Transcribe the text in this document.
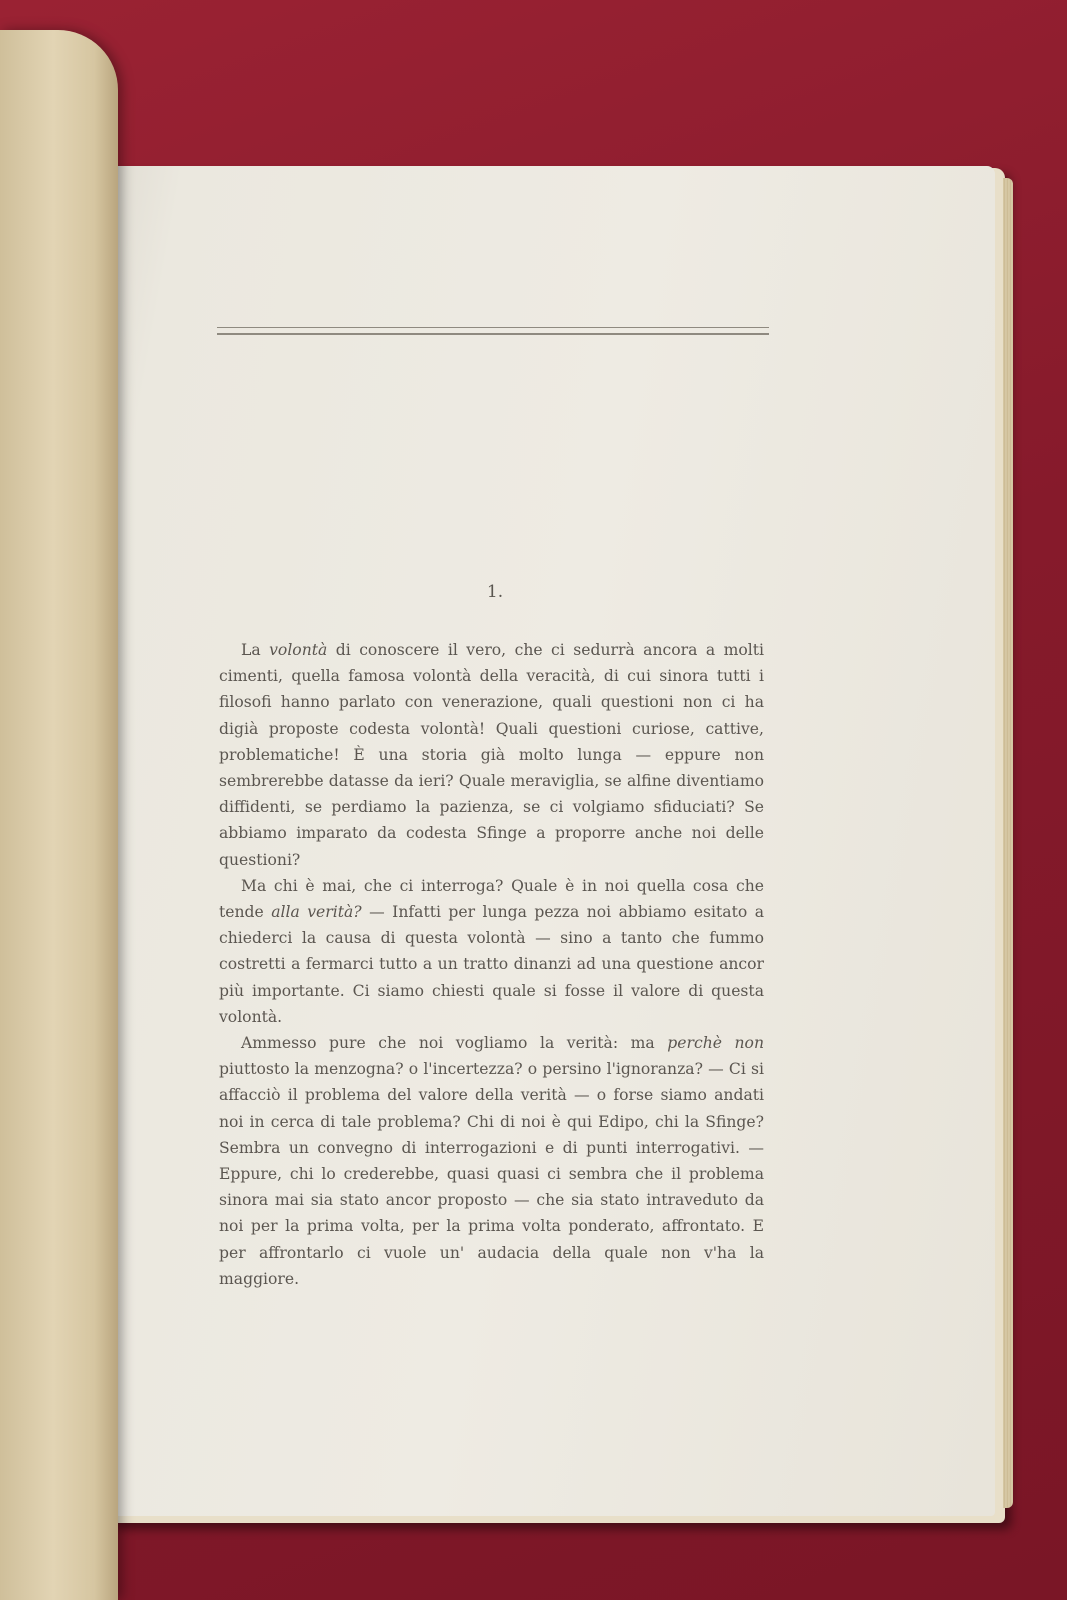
1.

La volontà di conoscere il vero, che ci sedurrà ancora a molti cimenti, quella famosa volontà della veracità, di cui sinora tutti i filosofi hanno parlato con venerazione, quali questioni non ci ha digià proposte codesta volontà! Quali questioni curiose, cattive, problematiche! È una storia già molto lunga — eppure non sembrerebbe datasse da ieri? Quale meraviglia, se alfine diventiamo diffidenti, se perdiamo la pazienza, se ci volgiamo sfiduciati? Se abbiamo imparato da codesta Sfinge a proporre anche noi delle questioni?

Ma chi è mai, che ci interroga? Quale è in noi quella cosa che tende alla verità? — Infatti per lunga pezza noi abbiamo esitato a chiederci la causa di questa volontà — sino a tanto che fummo costretti a fermarci tutto a un tratto dinanzi ad una questione ancor più importante. Ci siamo chiesti quale si fosse il valore di questa volontà.

Ammesso pure che noi vogliamo la verità: ma perchè non piuttosto la menzogna? o l'incertezza? o persino l'ignoranza? — Ci si affacciò il problema del valore della verità — o forse siamo andati noi in cerca di tale problema? Chi di noi è qui Edipo, chi la Sfinge? Sembra un convegno di interrogazioni e di punti interrogativi. — Eppure, chi lo crederebbe, quasi quasi ci sembra che il problema sinora mai sia stato ancor proposto — che sia stato intraveduto da noi per la prima volta, per la prima volta ponderato, affrontato. E per affrontarlo ci vuole un' audacia della quale non v'ha la maggiore.
